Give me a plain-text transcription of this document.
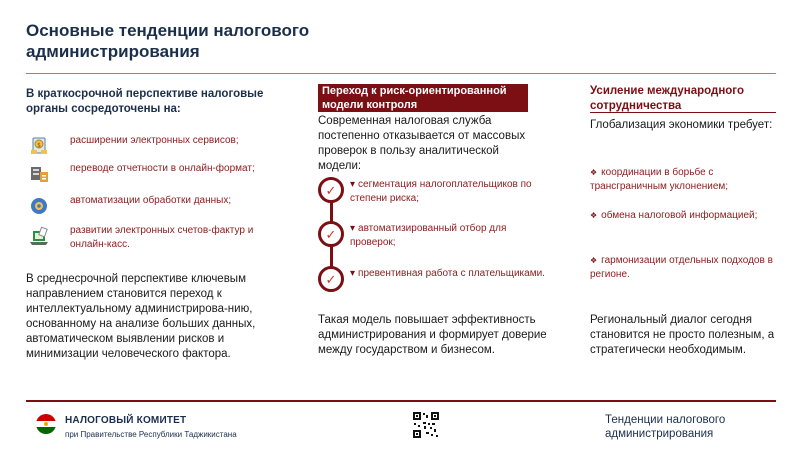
Основные тенденции налогового администрирования
В краткосрочной перспективе налоговые органы сосредоточены на:
$	расширении электронных сервисов;
переводе отчетности в онлайн-формат;
автоматизации обработки данных;
развитии электронных счетов-фактур и онлайн-касс.
В среднесрочной перспективе ключевым направлением становится переход к интеллектуальному администрирова-нию, основанному на анализе больших данных, автоматическом выявлении рисков и минимизации человеческого фактора.
Переход к риск-ориентированной модели контроля
Современная налоговая служба постепенно отказывается от массовых проверок в пользу аналитической модели:
✓ ▾ сегментация налогоплательщиков по степени риска;
✓ ▾ автоматизированный отбор для проверок;
✓ ▾ превентивная работа с плательщиками.
Такая модель повышает эффективность администрирования и формирует доверие между государством и бизнесом.
Усиление международного сотрудничества
Глобализация экономики требует:
❖ координации в борьбе с трансграничным уклонением;
❖ обмена налоговой информацией;
❖ гармонизации отдельных подходов в регионе.
Региональный диалог сегодня становится не просто полезным, а стратегически необходимым.
НАЛОГОВЫЙ КОМИТЕТ
при Правительстве Республики Таджикистана
Тенденции налогового администрирования
